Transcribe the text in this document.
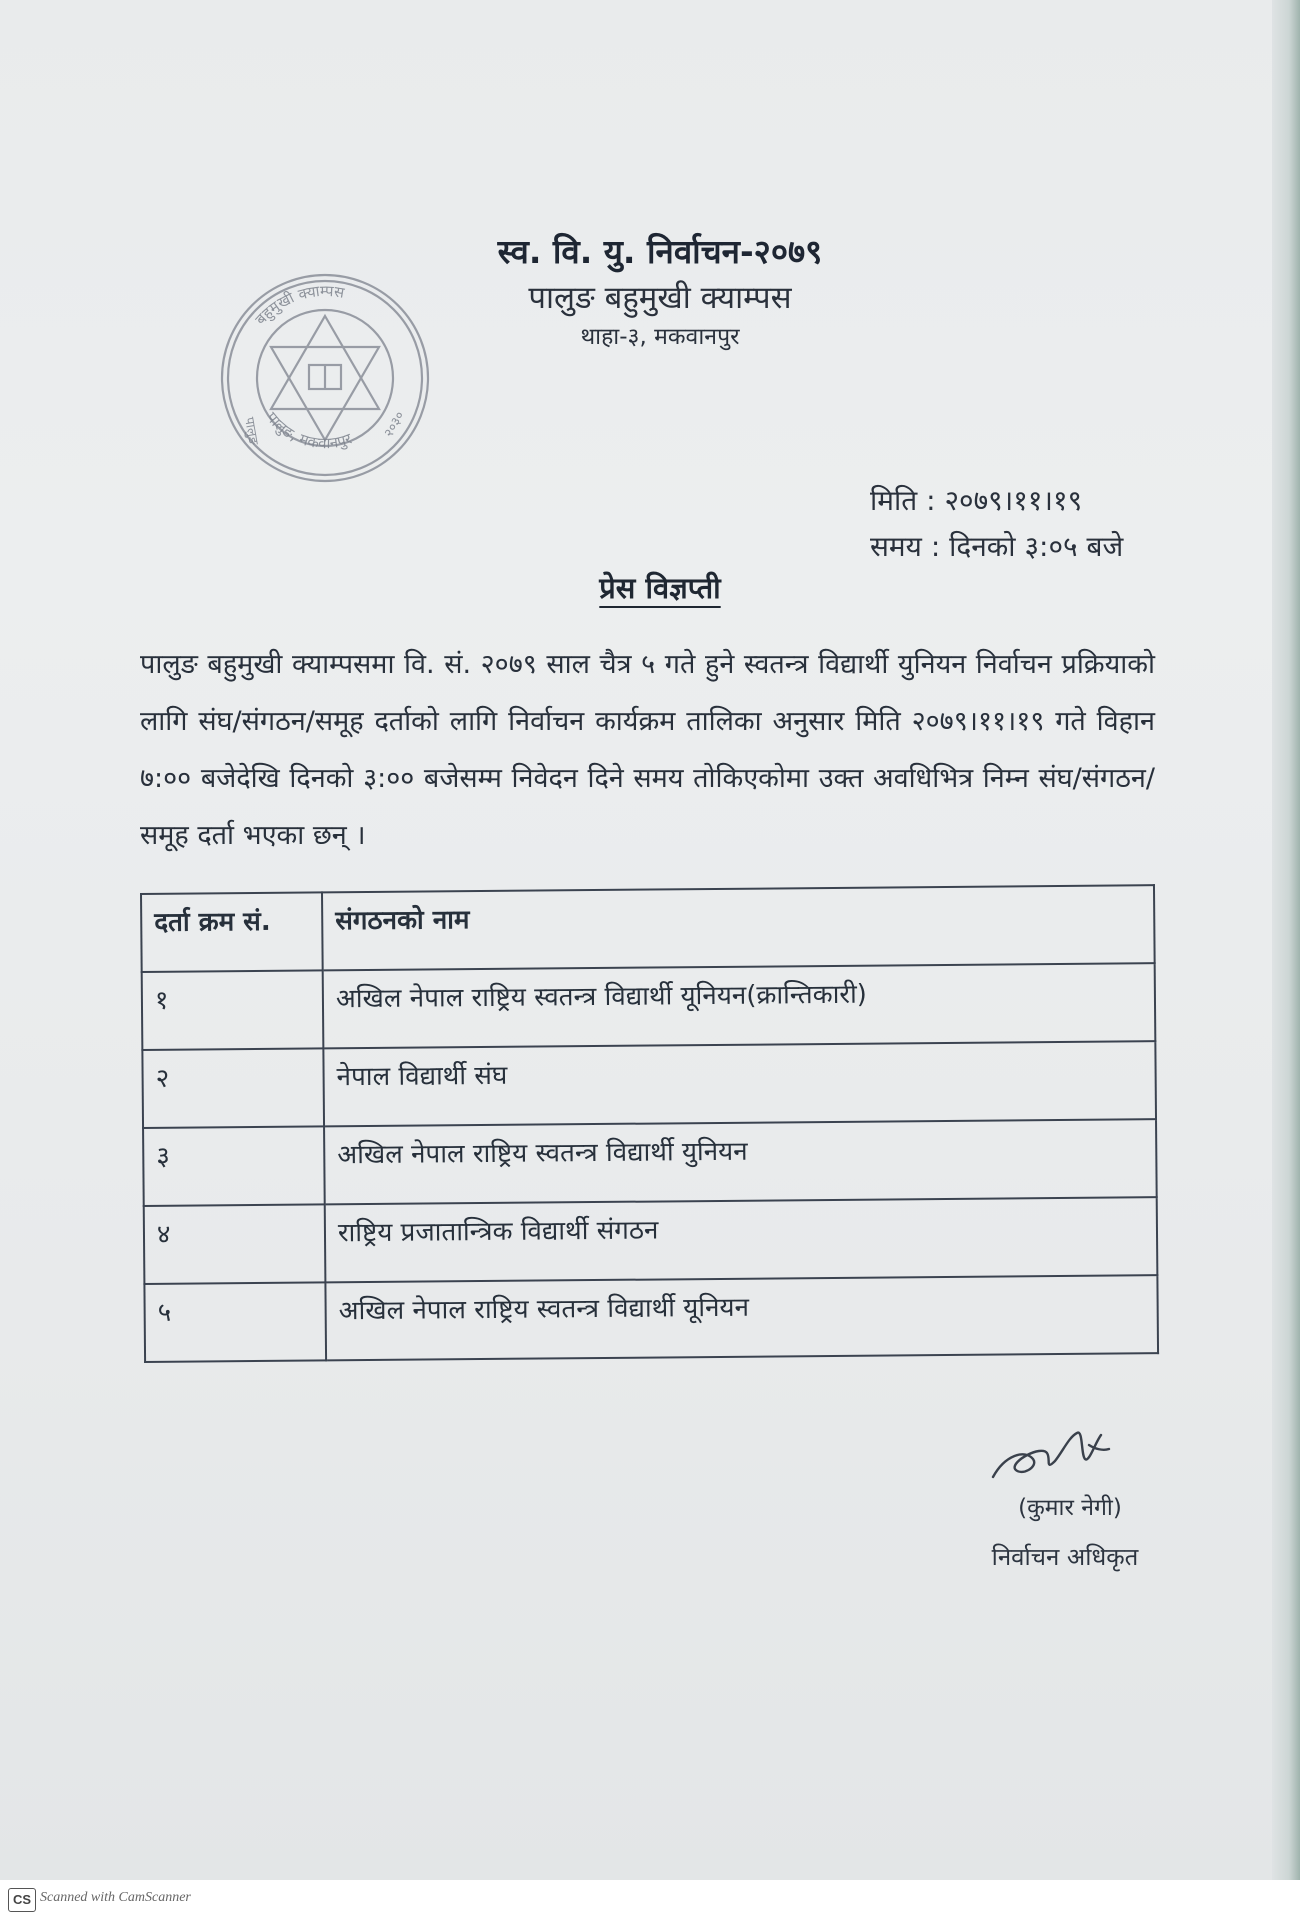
बहुमुखी क्याम्पस
पालुङ, मकवानपुर २०३०
पालुङ
स्व. वि. यु. निर्वाचन-२०७९
पालुङ बहुमुखी क्याम्पस
थाहा-३, मकवानपुर
मिति : २०७९।११।१९
समय : दिनको ३:०५ बजे
प्रेस विज्ञप्ती
पालुङ बहुमुखी क्याम्पसमा वि. सं. २०७९ साल चैत्र ५ गते हुने स्वतन्त्र विद्यार्थी युनियन निर्वाचन प्रक्रियाको लागि संघ/संगठन/समूह दर्ताको लागि निर्वाचन कार्यक्रम तालिका अनुसार मिति २०७९।११।१९ गते विहान ७:०० बजेदेखि दिनको ३:०० बजेसम्म निवेदन दिने समय तोकिएकोमा उक्त अवधिभित्र निम्न संघ/संगठन/समूह दर्ता भएका छन् ।
दर्ता क्रम सं.	संगठनको नाम
१	अखिल नेपाल राष्ट्रिय स्वतन्त्र विद्यार्थी यूनियन(क्रान्तिकारी)
२	नेपाल विद्यार्थी संघ
३	अखिल नेपाल राष्ट्रिय स्वतन्त्र विद्यार्थी युनियन
४	राष्ट्रिय प्रजातान्त्रिक विद्यार्थी संगठन
५	अखिल नेपाल राष्ट्रिय स्वतन्त्र विद्यार्थी यूनियन
(कुमार नेगी)
निर्वाचन अधिकृत
CS Scanned with CamScanner
